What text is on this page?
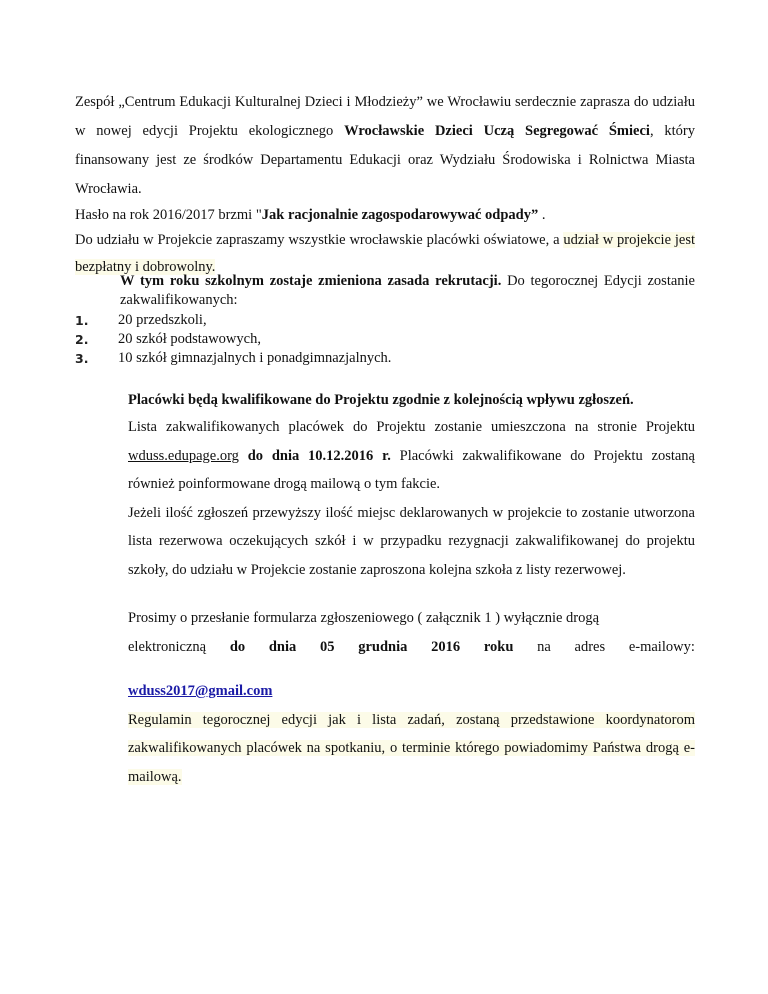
Zespół „Centrum Edukacji Kulturalnej Dzieci i Młodzieży” we Wrocławiu serdecznie zaprasza do udziału w nowej edycji Projektu ekologicznego Wrocławskie Dzieci Uczą Segregować Śmieci, który finansowany jest ze środków Departamentu Edukacji oraz Wydziału Środowiska i Rolnictwa Miasta Wrocławia.

Hasło na rok 2016/2017 brzmi "Jak racjonalnie zagospodarowywać odpady” .

Do udziału w Projekcie zapraszamy wszystkie wrocławskie placówki oświatowe, a udział w projekcie jest bezpłatny i dobrowolny.

W tym roku szkolnym zostaje zmieniona zasada rekrutacji. Do tegorocznej Edycji zostanie zakwalifikowanych:

1.	20 przedszkoli,
2.	20 szkół podstawowych,
3.	10 szkół gimnazjalnych i ponadgimnazjalnych.

Placówki będą kwalifikowane do Projektu zgodnie z kolejnością wpływu zgłoszeń.

Lista zakwalifikowanych placówek do Projektu zostanie umieszczona na stronie Projektu wduss.edupage.org do dnia 10.12.2016 r. Placówki zakwalifikowane do Projektu zostaną również poinformowane drogą mailową o tym fakcie.

Jeżeli ilość zgłoszeń przewyższy ilość miejsc deklarowanych w projekcie to zostanie utworzona lista rezerwowa oczekujących szkół i w przypadku rezygnacji zakwalifikowanej do projektu szkoły, do udziału w Projekcie zostanie zaproszona kolejna szkoła z listy rezerwowej.

Prosimy o przesłanie formularza zgłoszeniowego ( załącznik 1 ) wyłącznie drogą

elektroniczną do dnia 05 grudnia 2016 roku na adres e-mailowy:

wduss2017@gmail.com

Regulamin tegorocznej edycji jak i lista zadań, zostaną przedstawione koordynatorom zakwalifikowanych placówek na spotkaniu, o terminie którego powiadomimy Państwa drogą e-mailową.
